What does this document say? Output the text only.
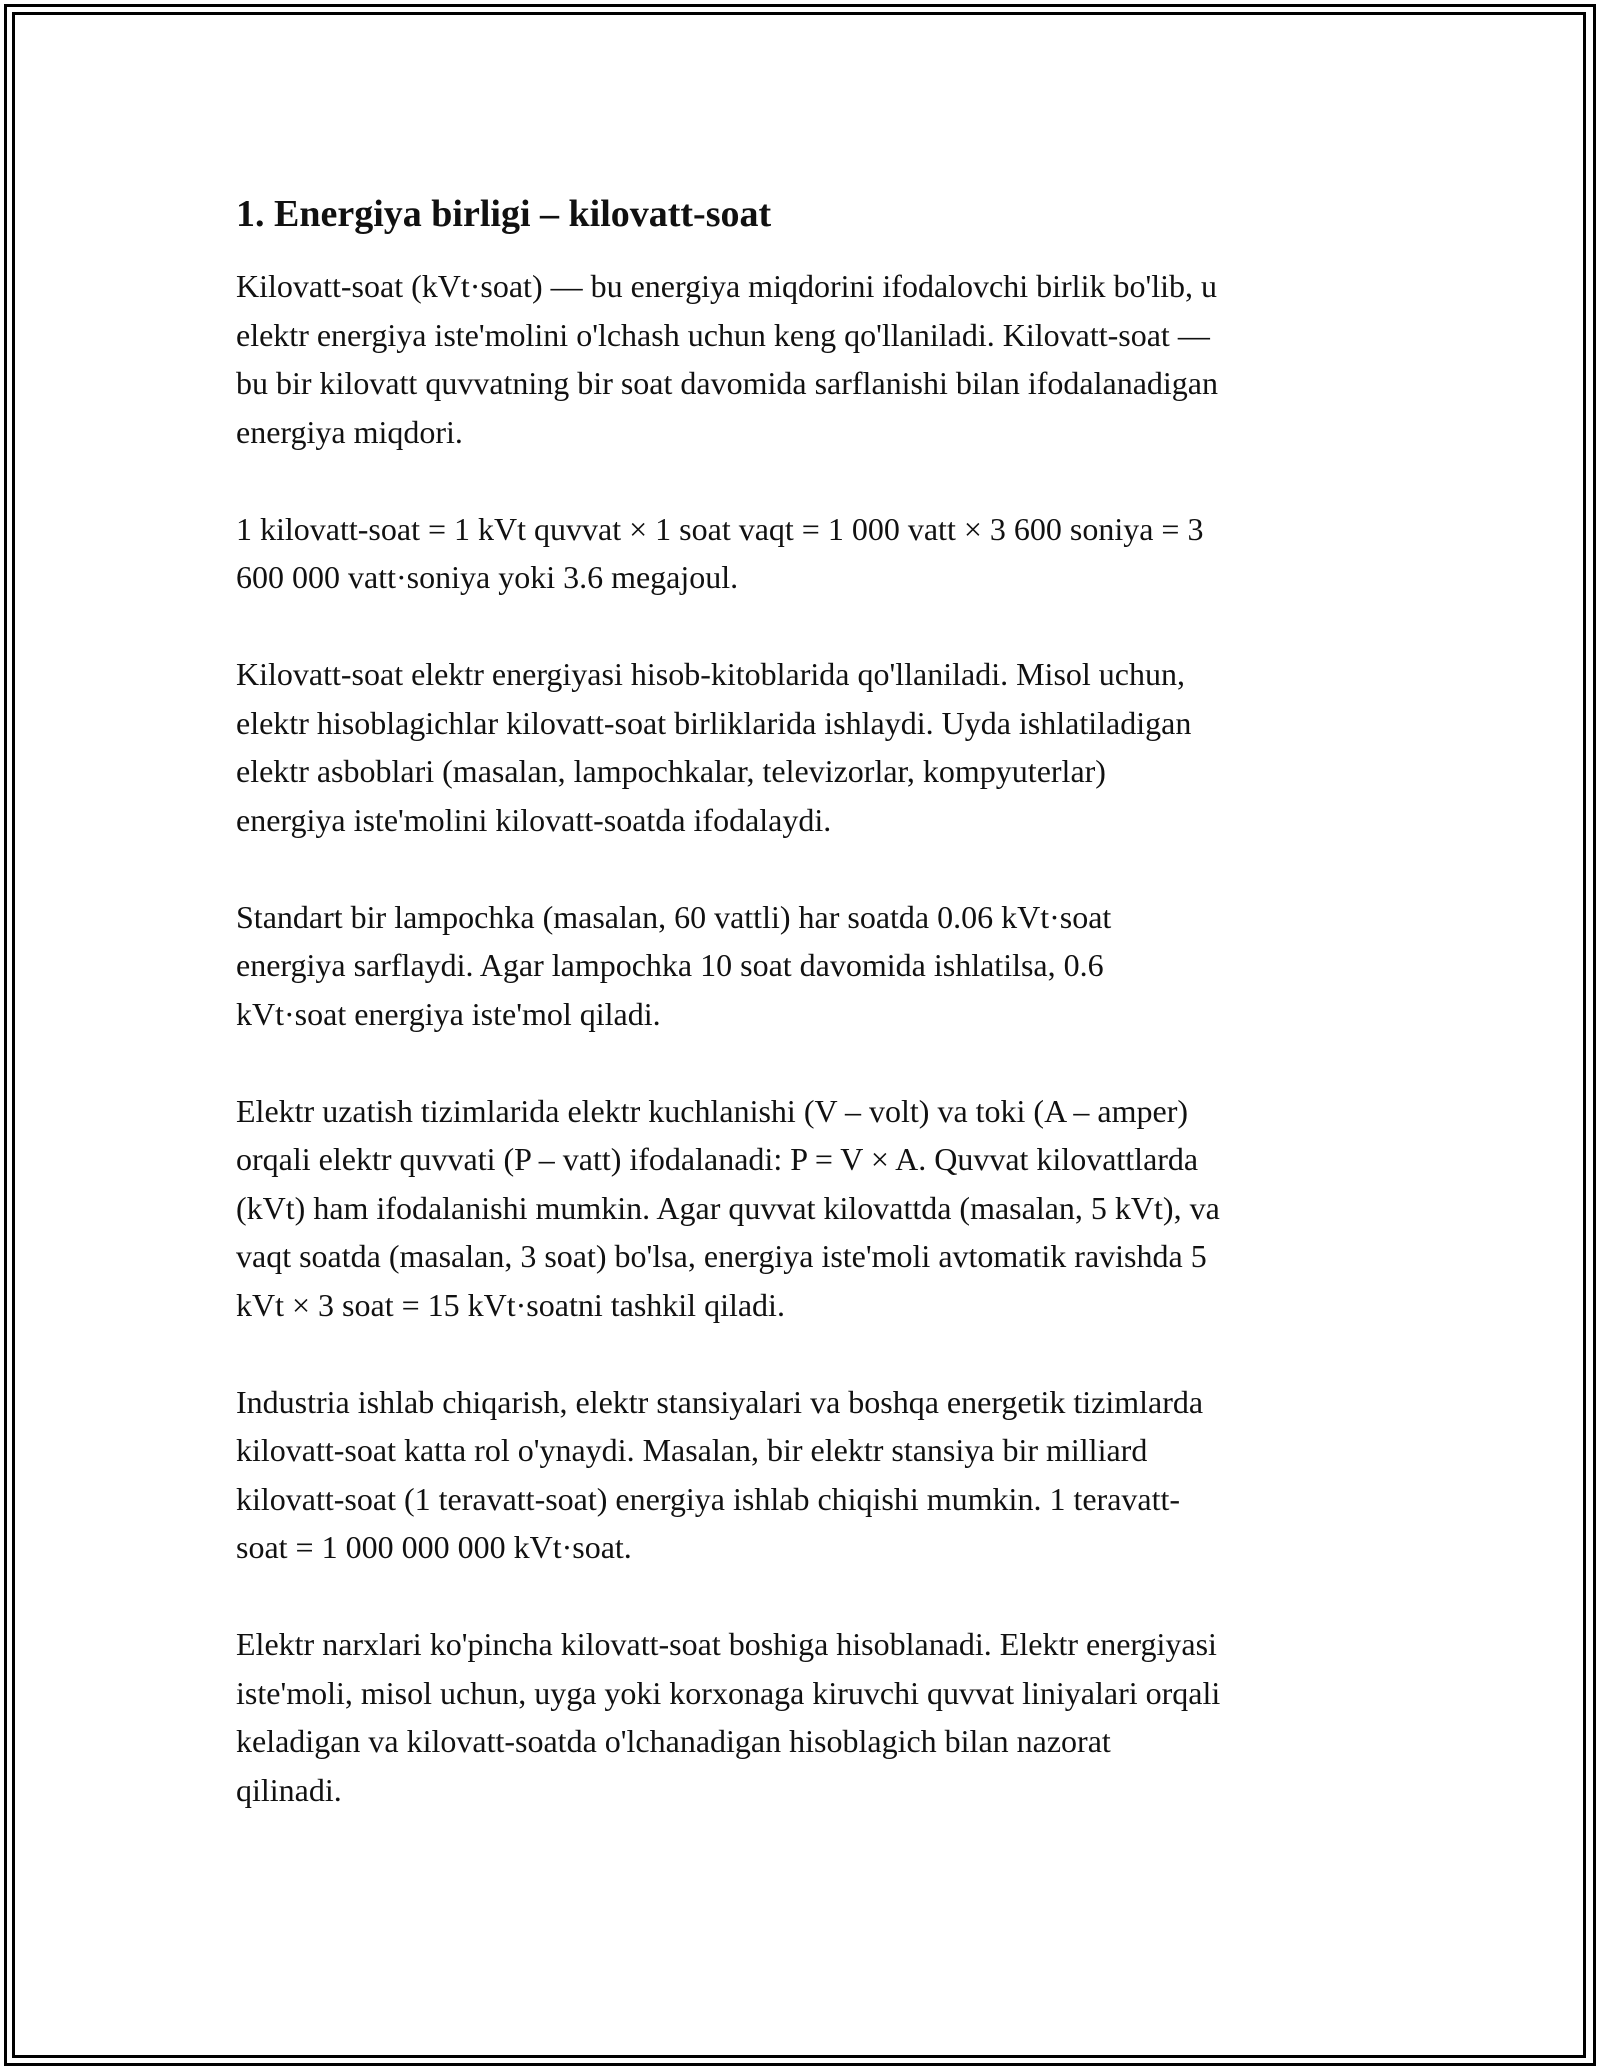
1. Energiya birligi – kilovatt-soat
Kilovatt-soat (kVt·soat) — bu energiya miqdorini ifodalovchi birlik bo'lib, u
elektr energiya iste'molini o'lchash uchun keng qo'llaniladi. Kilovatt-soat —
bu bir kilovatt quvvatning bir soat davomida sarflanishi bilan ifodalanadigan
energiya miqdori.
1 kilovatt-soat = 1 kVt quvvat × 1 soat vaqt = 1 000 vatt × 3 600 soniya = 3
600 000 vatt·soniya yoki 3.6 megajoul.
Kilovatt-soat elektr energiyasi hisob-kitoblarida qo'llaniladi. Misol uchun,
elektr hisoblagichlar kilovatt-soat birliklarida ishlaydi. Uyda ishlatiladigan
elektr asboblari (masalan, lampochkalar, televizorlar, kompyuterlar)
energiya iste'molini kilovatt-soatda ifodalaydi.
Standart bir lampochka (masalan, 60 vattli) har soatda 0.06 kVt·soat
energiya sarflaydi. Agar lampochka 10 soat davomida ishlatilsa, 0.6
kVt·soat energiya iste'mol qiladi.
Elektr uzatish tizimlarida elektr kuchlanishi (V – volt) va toki (A – amper)
orqali elektr quvvati (P – vatt) ifodalanadi: P = V × A. Quvvat kilovattlarda
(kVt) ham ifodalanishi mumkin. Agar quvvat kilovattda (masalan, 5 kVt), va
vaqt soatda (masalan, 3 soat) bo'lsa, energiya iste'moli avtomatik ravishda 5
kVt × 3 soat = 15 kVt·soatni tashkil qiladi.
Industria ishlab chiqarish, elektr stansiyalari va boshqa energetik tizimlarda
kilovatt-soat katta rol o'ynaydi. Masalan, bir elektr stansiya bir milliard
kilovatt-soat (1 teravatt-soat) energiya ishlab chiqishi mumkin. 1 teravatt-
soat = 1 000 000 000 kVt·soat.
Elektr narxlari ko'pincha kilovatt-soat boshiga hisoblanadi. Elektr energiyasi
iste'moli, misol uchun, uyga yoki korxonaga kiruvchi quvvat liniyalari orqali
keladigan va kilovatt-soatda o'lchanadigan hisoblagich bilan nazorat
qilinadi.
